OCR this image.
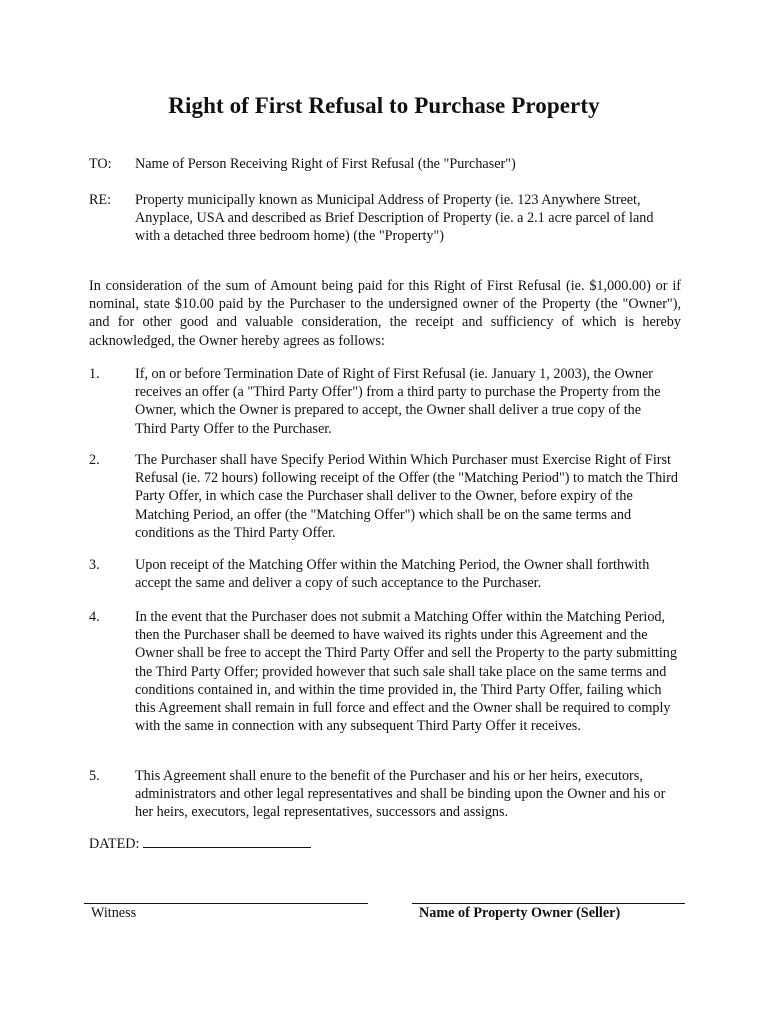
Right of First Refusal to Purchase Property
TO:	Name of Person Receiving Right of First Refusal (the "Purchaser")
RE:	Property municipally known as Municipal Address of Property (ie. 123 Anywhere Street, Anyplace, USA and described as Brief Description of Property (ie. a 2.1 acre parcel of land with a detached three bedroom home) (the "Property")
In consideration of the sum of Amount being paid for this Right of First Refusal (ie. $1,000.00) or if nominal, state $10.00 paid by the Purchaser to the undersigned owner of the Property (the "Owner"), and for other good and valuable consideration, the receipt and sufficiency of which is hereby acknowledged, the Owner hereby agrees as follows:
1.	If, on or before Termination Date of Right of First Refusal (ie. January 1, 2003), the Owner receives an offer (a "Third Party Offer") from a third party to purchase the Property from the Owner, which the Owner is prepared to accept, the Owner shall deliver a true copy of the Third Party Offer to the Purchaser.
2.	The Purchaser shall have Specify Period Within Which Purchaser must Exercise Right of First Refusal (ie. 72 hours) following receipt of the Offer (the "Matching Period") to match the Third Party Offer, in which case the Purchaser shall deliver to the Owner, before expiry of the Matching Period, an offer (the "Matching Offer") which shall be on the same terms and conditions as the Third Party Offer.
3.	Upon receipt of the Matching Offer within the Matching Period, the Owner shall forthwith accept the same and deliver a copy of such acceptance to the Purchaser.
4.	In the event that the Purchaser does not submit a Matching Offer within the Matching Period, then the Purchaser shall be deemed to have waived its rights under this Agreement and the Owner shall be free to accept the Third Party Offer and sell the Property to the party submitting the Third Party Offer; provided however that such sale shall take place on the same terms and conditions contained in, and within the time provided in, the Third Party Offer, failing which this Agreement shall remain in full force and effect and the Owner shall be required to comply with the same in connection with any subsequent Third Party Offer it receives.
5.	This Agreement shall enure to the benefit of the Purchaser and his or her heirs, executors, administrators and other legal representatives and shall be binding upon the Owner and his or her heirs, executors, legal representatives, successors and assigns.
DATED:
Witness	Name of Property Owner (Seller)
